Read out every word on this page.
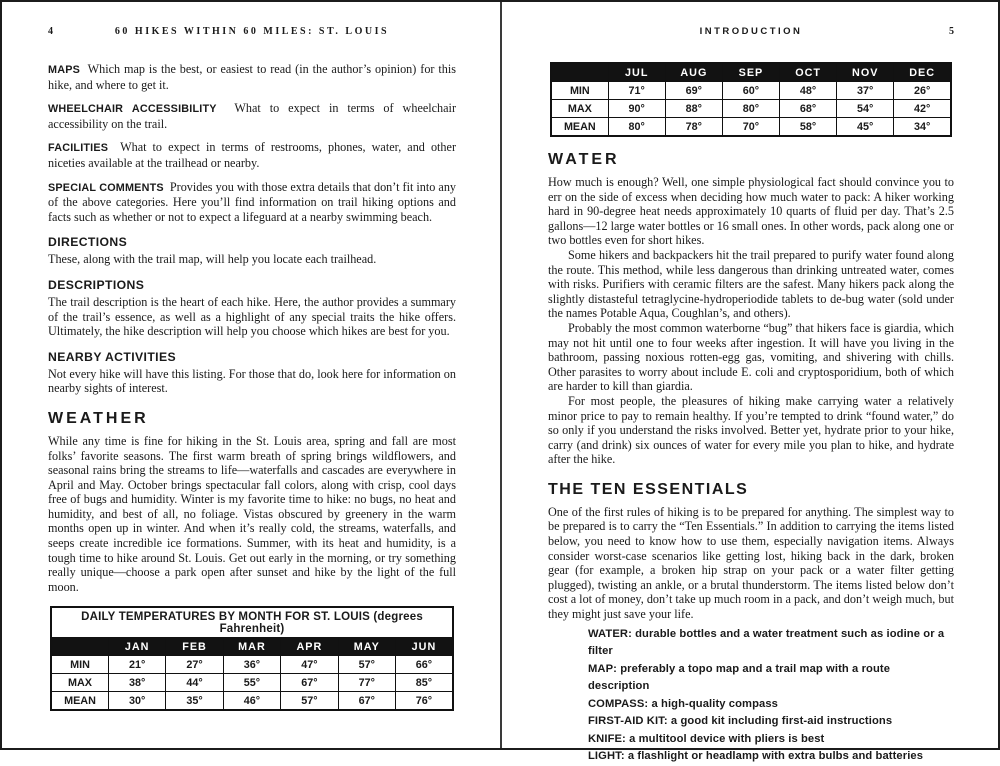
4	60 HIKES WITHIN 60 MILES: ST. LOUIS

MAPS Which map is the best, or easiest to read (in the author’s opinion) for this hike, and where to get it.

WHEELCHAIR ACCESSIBILITY What to expect in terms of wheelchair accessibility on the trail.

FACILITIES What to expect in terms of restrooms, phones, water, and other niceties available at the trailhead or nearby.

SPECIAL COMMENTS Provides you with those extra details that don’t fit into any of the above categories. Here you’ll find information on trail hiking options and facts such as whether or not to expect a lifeguard at a nearby swimming beach.

DIRECTIONS

These, along with the trail map, will help you locate each trailhead.

DESCRIPTIONS

The trail description is the heart of each hike. Here, the author provides a summary of the trail’s essence, as well as a highlight of any special traits the hike offers. Ultimately, the hike description will help you choose which hikes are best for you.

NEARBY ACTIVITIES

Not every hike will have this listing. For those that do, look here for information on nearby sights of interest.

WEATHER

While any time is fine for hiking in the St. Louis area, spring and fall are most folks’ favorite seasons. The first warm breath of spring brings wildflowers, and seasonal rains bring the streams to life—waterfalls and cascades are everywhere in April and May. October brings spectacular fall colors, along with crisp, cool days free of bugs and humidity. Winter is my favorite time to hike: no bugs, no heat and humidity, and best of all, no foliage. Vistas obscured by greenery in the warm months open up in winter. And when it’s really cold, the streams, waterfalls, and seeps create incredible ice formations. Summer, with its heat and humidity, is a tough time to hike around St. Louis. Get out early in the morning, or try something really unique—choose a park open after sunset and hike by the light of the full moon.

DAILY TEMPERATURES BY MONTH FOR ST. LOUIS (degrees Fahrenheit)						
	JAN	FEB	MAR	APR	MAY	JUN
MIN	21°	27°	36°	47°	57°	66°
MAX	38°	44°	55°	67°	77°	85°
MEAN	30°	35°	46°	57°	67°	76°
INTRODUCTION	5
	JUL	AUG	SEP	OCT	NOV	DEC
MIN	71°	69°	60°	48°	37°	26°
MAX	90°	88°	80°	68°	54°	42°
MEAN	80°	78°	70°	58°	45°	34°
WATER

How much is enough? Well, one simple physiological fact should convince you to err on the side of excess when deciding how much water to pack: A hiker working hard in 90-degree heat needs approximately 10 quarts of fluid per day. That’s 2.5 gallons—12 large water bottles or 16 small ones. In other words, pack along one or two bottles even for short hikes.

Some hikers and backpackers hit the trail prepared to purify water found along the route. This method, while less dangerous than drinking untreated water, comes with risks. Purifiers with ceramic filters are the safest. Many hikers pack along the slightly distasteful tetraglycine-hydroperiodide tablets to de-bug water (sold under the names Potable Aqua, Coughlan’s, and others).

Probably the most common waterborne “bug” that hikers face is giardia, which may not hit until one to four weeks after ingestion. It will have you living in the bathroom, passing noxious rotten-egg gas, vomiting, and shivering with chills. Other parasites to worry about include E. coli and cryptosporidium, both of which are harder to kill than giardia.

For most people, the pleasures of hiking make carrying water a relatively minor price to pay to remain healthy. If you’re tempted to drink “found water,” do so only if you understand the risks involved. Better yet, hydrate prior to your hike, carry (and drink) six ounces of water for every mile you plan to hike, and hydrate after the hike.

THE TEN ESSENTIALS

One of the first rules of hiking is to be prepared for anything. The simplest way to be prepared is to carry the “Ten Essentials.” In addition to carrying the items listed below, you need to know how to use them, especially navigation items. Always consider worst-case scenarios like getting lost, hiking back in the dark, broken gear (for example, a broken hip strap on your pack or a water filter getting plugged), twisting an ankle, or a brutal thunderstorm. The items listed below don’t cost a lot of money, don’t take up much room in a pack, and don’t weigh much, but they might just save your life.

WATER: durable bottles and a water treatment such as iodine or a filter
MAP: preferably a topo map and a trail map with a route description
COMPASS: a high-quality compass
FIRST-AID KIT: a good kit including first-aid instructions
KNIFE: a multitool device with pliers is best
LIGHT: a flashlight or headlamp with extra bulbs and batteries
